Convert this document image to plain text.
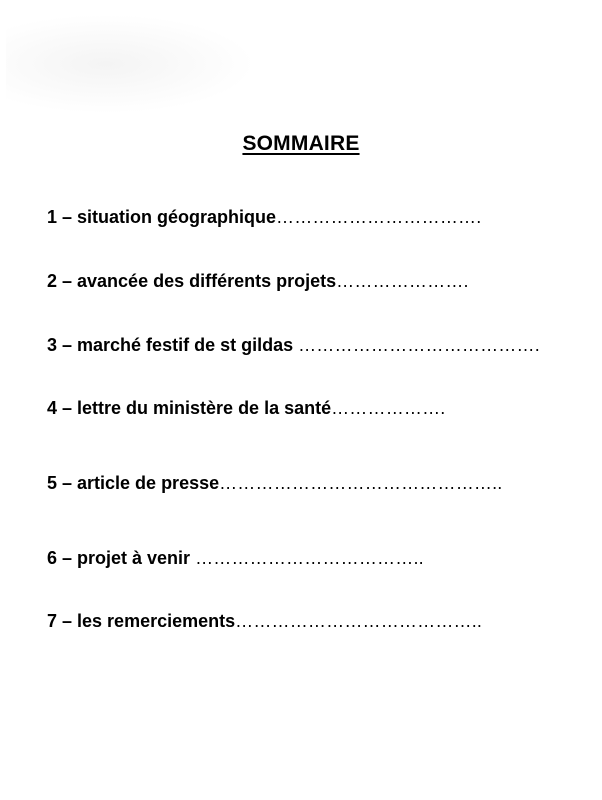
SOMMAIRE
1 – situation géographique…………………………….
2 – avancée des différents projets………………….
3 – marché festif de st gildas ………………………………….
4 – lettre du ministère de la santé……………….
5 – article de presse………………………………………..
6 – projet à venir ………………………………..
7 – les remerciements…………………………………..
